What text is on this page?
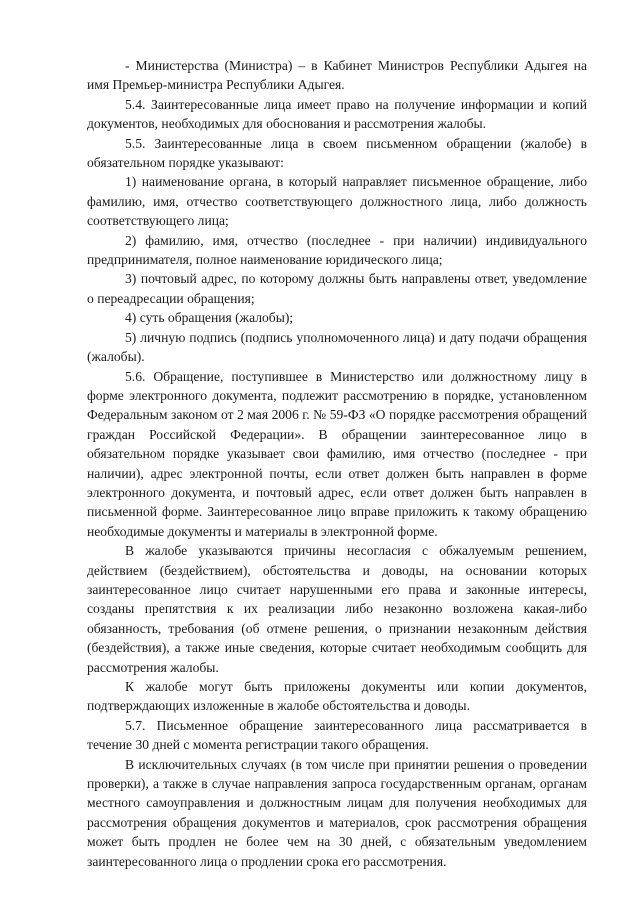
- Министерства (Министра) – в Кабинет Министров Республики Адыгея на имя Премьер-министра Республики Адыгея.

5.4. Заинтересованные лица имеет право на получение информации и копий документов, необходимых для обоснования и рассмотрения жалобы.

5.5. Заинтересованные лица в своем письменном обращении (жалобе) в обязательном порядке указывают:

1) наименование органа, в который направляет письменное обращение, либо фамилию, имя, отчество соответствующего должностного лица, либо должность соответствующего лица;

2) фамилию, имя, отчество (последнее - при наличии) индивидуального предпринимателя, полное наименование юридического лица;

3) почтовый адрес, по которому должны быть направлены ответ, уведомление о переадресации обращения;

4) суть обращения (жалобы);

5) личную подпись (подпись уполномоченного лица) и дату подачи обращения (жалобы).

5.6. Обращение, поступившее в Министерство или должностному лицу в форме электронного документа, подлежит рассмотрению в порядке, установленном Федеральным законом от 2 мая 2006 г. № 59-ФЗ «О порядке рассмотрения обращений граждан Российской Федерации». В обращении заинтересованное лицо в обязательном порядке указывает свои фамилию, имя отчество (последнее - при наличии), адрес электронной почты, если ответ должен быть направлен в форме электронного документа, и почтовый адрес, если ответ должен быть направлен в письменной форме. Заинтересованное лицо вправе приложить к такому обращению необходимые документы и материалы в электронной форме.

В жалобе указываются причины несогласия с обжалуемым решением, действием (бездействием), обстоятельства и доводы, на основании которых заинтересованное лицо считает нарушенными его права и законные интересы, созданы препятствия к их реализации либо незаконно возложена какая-либо обязанность, требования (об отмене решения, о признании незаконным действия (бездействия), а также иные сведения, которые считает необходимым сообщить для рассмотрения жалобы.

К жалобе могут быть приложены документы или копии документов, подтверждающих изложенные в жалобе обстоятельства и доводы.

5.7. Письменное обращение заинтересованного лица рассматривается в течение 30 дней с момента регистрации такого обращения.

В исключительных случаях (в том числе при принятии решения о проведении проверки), а также в случае направления запроса государственным органам, органам местного самоуправления и должностным лицам для получения необходимых для рассмотрения обращения документов и материалов, срок рассмотрения обращения может быть продлен не более чем на 30 дней, с обязательным уведомлением заинтересованного лица о продлении срока его рассмотрения.
